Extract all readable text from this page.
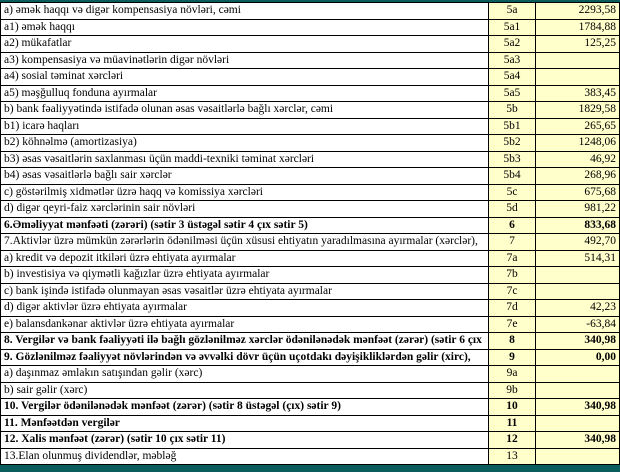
a) əmək haqqı və digər kompensasiya növləri, cəmi	5a	2293,58
a1) əmək haqqı	5a1	1784,88
a2) mükafatlar	5a2	125,25
a3) kompensasiya və müavinətlərin digər növləri	5a3
a4) sosial təminat xərcləri	5a4
a5) məşğulluq fonduna ayırmalar	5a5	383,45
b) bank fəaliyyətində istifadə olunan əsas vəsaitlərlə bağlı xərclər, cəmi	5b	1829,58
b1) icarə haqları	5b1	265,65
b2) köhnəlmə (amortizasiya)	5b2	1248,06
b3) əsas vəsaitlərin saxlanması üçün maddi-texniki təminat xərcləri	5b3	46,92
b4) əsas vəsaitlərlə bağlı sair xərclər	5b4	268,96
c) göstərilmiş xidmətlər üzrə haqq və komissiya xərcləri	5c	675,68
d) digər qeyri-faiz xərclərinin sair növləri	5d	981,22
6.Əməliyyat mənfəəti (zərəri) (sətir 3 üstəgəl sətir 4 çıx sətir 5)	6	833,68
7.Aktivlər üzrə mümkün zərərlərin ödənilməsi üçün xüsusi ehtiyatın yaradılmasına ayırmalar (xərclər),	7	492,70
a) kredit və depozit itkiləri üzrə ehtiyata ayırmalar	7a	514,31
b) investisiya və qiymətli kağızlar üzrə ehtiyata ayırmalar	7b
c) bank işində istifadə olunmayan əsas vəsaitlər üzrə ehtiyata ayırmalar	7c
d) digər aktivlər üzrə ehtiyata ayırmalar	7d	42,23
e) balansdankənar aktivlər üzrə ehtiyata ayırmalar	7e	-63,84
8. Vergilər və bank fəaliyyəti ilə bağlı gözlənilməz xərclər ödənilənədək mənfəət (zərər) (sətir 6 çıx	8	340,98
9. Gözlənilməz fəaliyyət növlərindən və əvvəlki dövr üçün uçotdakı dəyişikliklərdən gəlir (xirc),	9	0,00
a) daşınmaz əmlakın satışından gəlir (xərc)	9a
b) sair gəlir (xərc)	9b
10. Vergilər ödənilənədək mənfəət (zərər) (sətir 8 üstəgəl (çıx) sətir 9)	10	340,98
11. Mənfəətdən vergilər	11
12. Xalis mənfəət (zərər) (sətir 10 çıx sətir 11)	12	340,98
13.Elan olunmuş dividendlər, məbləğ	13
